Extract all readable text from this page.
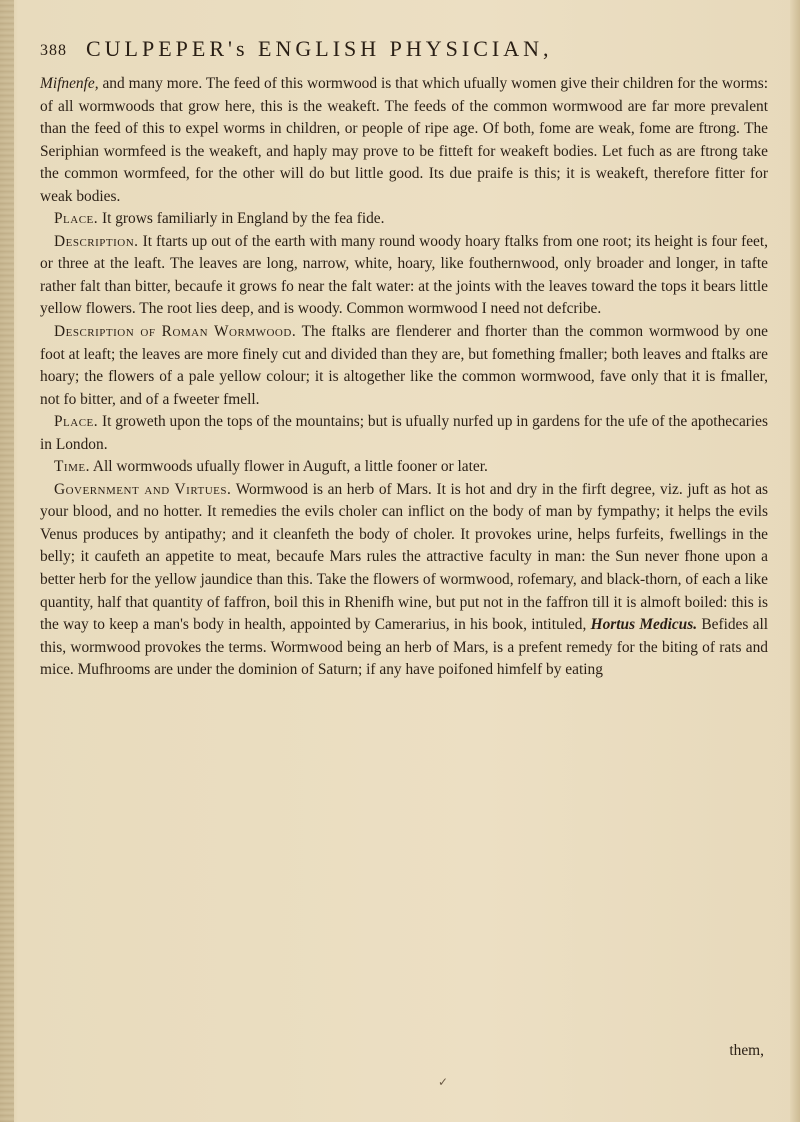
388 CULPEPER's ENGLISH PHYSICIAN,

Mifnenfe, and many more. The feed of this wormwood is that which ufually women give their children for the worms: of all wormwoods that grow here, this is the weakeft. The feeds of the common wormwood are far more prevalent than the feed of this to expel worms in children, or people of ripe age. Of both, fome are weak, fome are ftrong. The Seriphian wormfeed is the weakeft, and haply may prove to be fitteft for weakeft bodies. Let fuch as are ftrong take the common wormfeed, for the other will do but little good. Its due praife is this; it is weakeft, therefore fitter for weak bodies.

Place. It grows familiarly in England by the fea fide.

Description. It ftarts up out of the earth with many round woody hoary ftalks from one root; its height is four feet, or three at the leaft. The leaves are long, narrow, white, hoary, like fouthernwood, only broader and longer, in tafte rather falt than bitter, becaufe it grows fo near the falt water: at the joints with the leaves toward the tops it bears little yellow flowers. The root lies deep, and is woody. Common wormwood I need not defcribe.

Description of Roman Wormwood. The ftalks are flenderer and fhorter than the common wormwood by one foot at leaft; the leaves are more finely cut and divided than they are, but fomething fmaller; both leaves and ftalks are hoary; the flowers of a pale yellow colour; it is altogether like the common wormwood, fave only that it is fmaller, not fo bitter, and of a fweeter fmell.

Place. It groweth upon the tops of the mountains; but is ufually nurfed up in gardens for the ufe of the apothecaries in London.

Time. All wormwoods ufually flower in Auguft, a little fooner or later.

Government and Virtues. Wormwood is an herb of Mars. It is hot and dry in the firft degree, viz. juft as hot as your blood, and no hotter. It remedies the evils choler can inflict on the body of man by fympathy; it helps the evils Venus produces by antipathy; and it cleanfeth the body of choler. It provokes urine, helps furfeits, fwellings in the belly; it caufeth an appetite to meat, becaufe Mars rules the attractive faculty in man: the Sun never fhone upon a better herb for the yellow jaundice than this. Take the flowers of wormwood, rofemary, and black-thorn, of each a like quantity, half that quantity of faffron, boil this in Rhenifh wine, but put not in the faffron till it is almoft boiled: this is the way to keep a man's body in health, appointed by Camerarius, in his book, intituled, Hortus Medicus. Befides all this, wormwood provokes the terms. Wormwood being an herb of Mars, is a prefent remedy for the biting of rats and mice. Mufhrooms are under the dominion of Saturn; if any have poifoned himfelf by eating

them,
✓
